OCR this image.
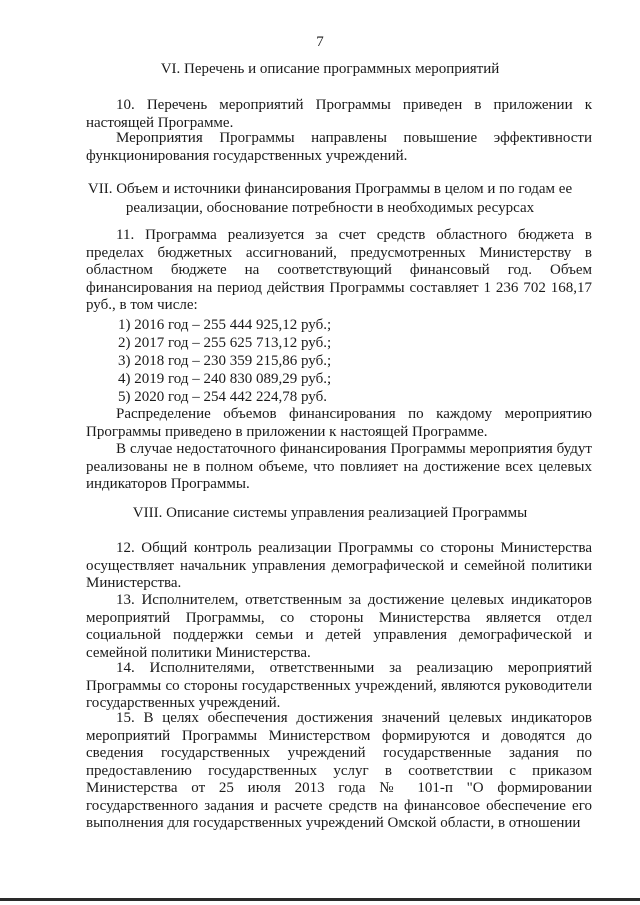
7
VI. Перечень и описание программных мероприятий
10. Перечень мероприятий Программы приведен в приложении к настоящей Программе.
Мероприятия Программы направлены повышение эффективности функционирования государственных учреждений.
VII. Объем и источники финансирования Программы в целом и по годам ее реализации, обоснование потребности в необходимых ресурсах
11. Программа реализуется за счет средств областного бюджета в пределах бюджетных ассигнований, предусмотренных Министерству в областном бюджете на соответствующий финансовый год. Объем финансирования на период действия Программы составляет 1 236 702 168,17 руб., в том числе:
1) 2016 год – 255 444 925,12 руб.;
2) 2017 год – 255 625 713,12 руб.;
3) 2018 год – 230 359 215,86 руб.;
4) 2019 год – 240 830 089,29 руб.;
5) 2020 год – 254 442 224,78 руб.
Распределение объемов финансирования по каждому мероприятию Программы приведено в приложении к настоящей Программе.
В случае недостаточного финансирования Программы мероприятия будут реализованы не в полном объеме, что повлияет на достижение всех целевых индикаторов Программы.
VIII. Описание системы управления реализацией Программы
12. Общий контроль реализации Программы со стороны Министерства осуществляет начальник управления демографической и семейной политики Министерства.
13. Исполнителем, ответственным за достижение целевых индикаторов мероприятий Программы, со стороны Министерства является отдел социальной поддержки семьи и детей управления демографической и семейной политики Министерства.
14. Исполнителями, ответственными за реализацию мероприятий Программы со стороны государственных учреждений, являются руководители государственных учреждений.
15. В целях обеспечения достижения значений целевых индикаторов мероприятий Программы Министерством формируются и доводятся до сведения государственных учреждений государственные задания по предоставлению государственных услуг в соответствии с приказом Министерства от 25 июля 2013 года № 101-п "О формировании государственного задания и расчете средств на финансовое обеспечение его выполнения для государственных учреждений Омской области, в отношении
